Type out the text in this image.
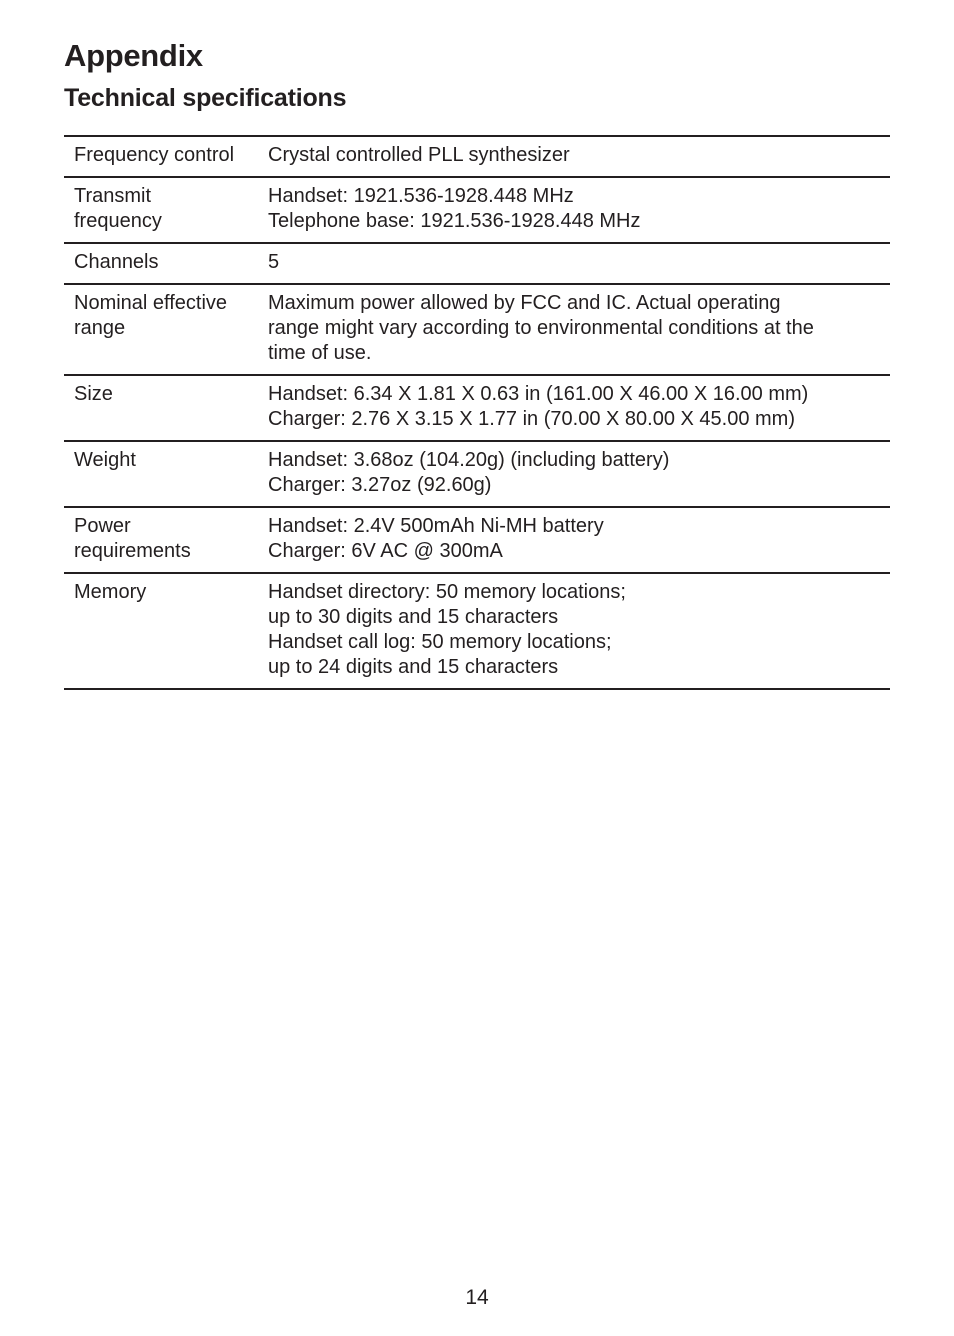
Appendix
Technical specifications
Frequency control	Crystal controlled PLL synthesizer

Transmit
frequency	Handset: 1921.536-1928.448 MHz
Telephone base: 1921.536-1928.448 MHz

Channels	5

Nominal effective
range	Maximum power allowed by FCC and IC. Actual operating
range might vary according to environmental conditions at the
time of use.

Size	Handset: 6.34 X 1.81 X 0.63 in (161.00 X 46.00 X 16.00 mm)
Charger: 2.76 X 3.15 X 1.77 in (70.00 X 80.00 X 45.00 mm)

Weight	Handset: 3.68oz (104.20g) (including battery)
Charger: 3.27oz (92.60g)

Power
requirements	Handset: 2.4V 500mAh Ni-MH battery
Charger: 6V AC @ 300mA

Memory	Handset directory: 50 memory locations;
up to 30 digits and 15 characters
Handset call log: 50 memory locations;
up to 24 digits and 15 characters
14
